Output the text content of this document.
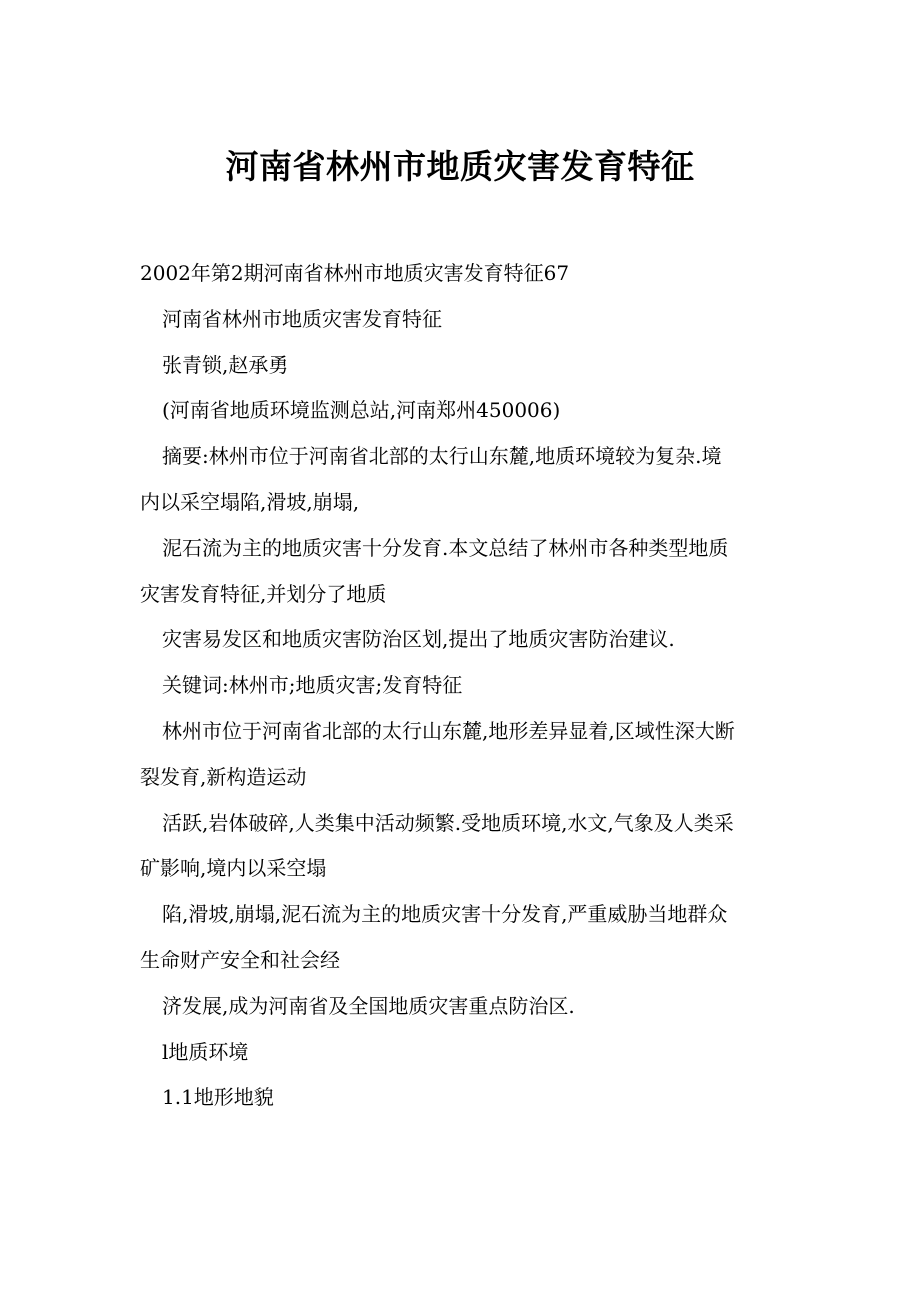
河南省林州市地质灾害发育特征

2002年第2期河南省林州市地质灾害发育特征67

河南省林州市地质灾害发育特征

张青锁,赵承勇

(河南省地质环境监测总站,河南郑州450006)

摘要:林州市位于河南省北部的太行山东麓,地质环境较为复杂.境

内以采空塌陷,滑坡,崩塌,

泥石流为主的地质灾害十分发育.本文总结了林州市各种类型地质

灾害发育特征,并划分了地质

灾害易发区和地质灾害防治区划,提出了地质灾害防治建议.

关键词:林州市;地质灾害;发育特征

林州市位于河南省北部的太行山东麓,地形差异显着,区域性深大断

裂发育,新构造运动

活跃,岩体破碎,人类集中活动频繁.受地质环境,水文,气象及人类采

矿影响,境内以采空塌

陷,滑坡,崩塌,泥石流为主的地质灾害十分发育,严重威胁当地群众

生命财产安全和社会经

济发展,成为河南省及全国地质灾害重点防治区.

l地质环境

1.1地形地貌
